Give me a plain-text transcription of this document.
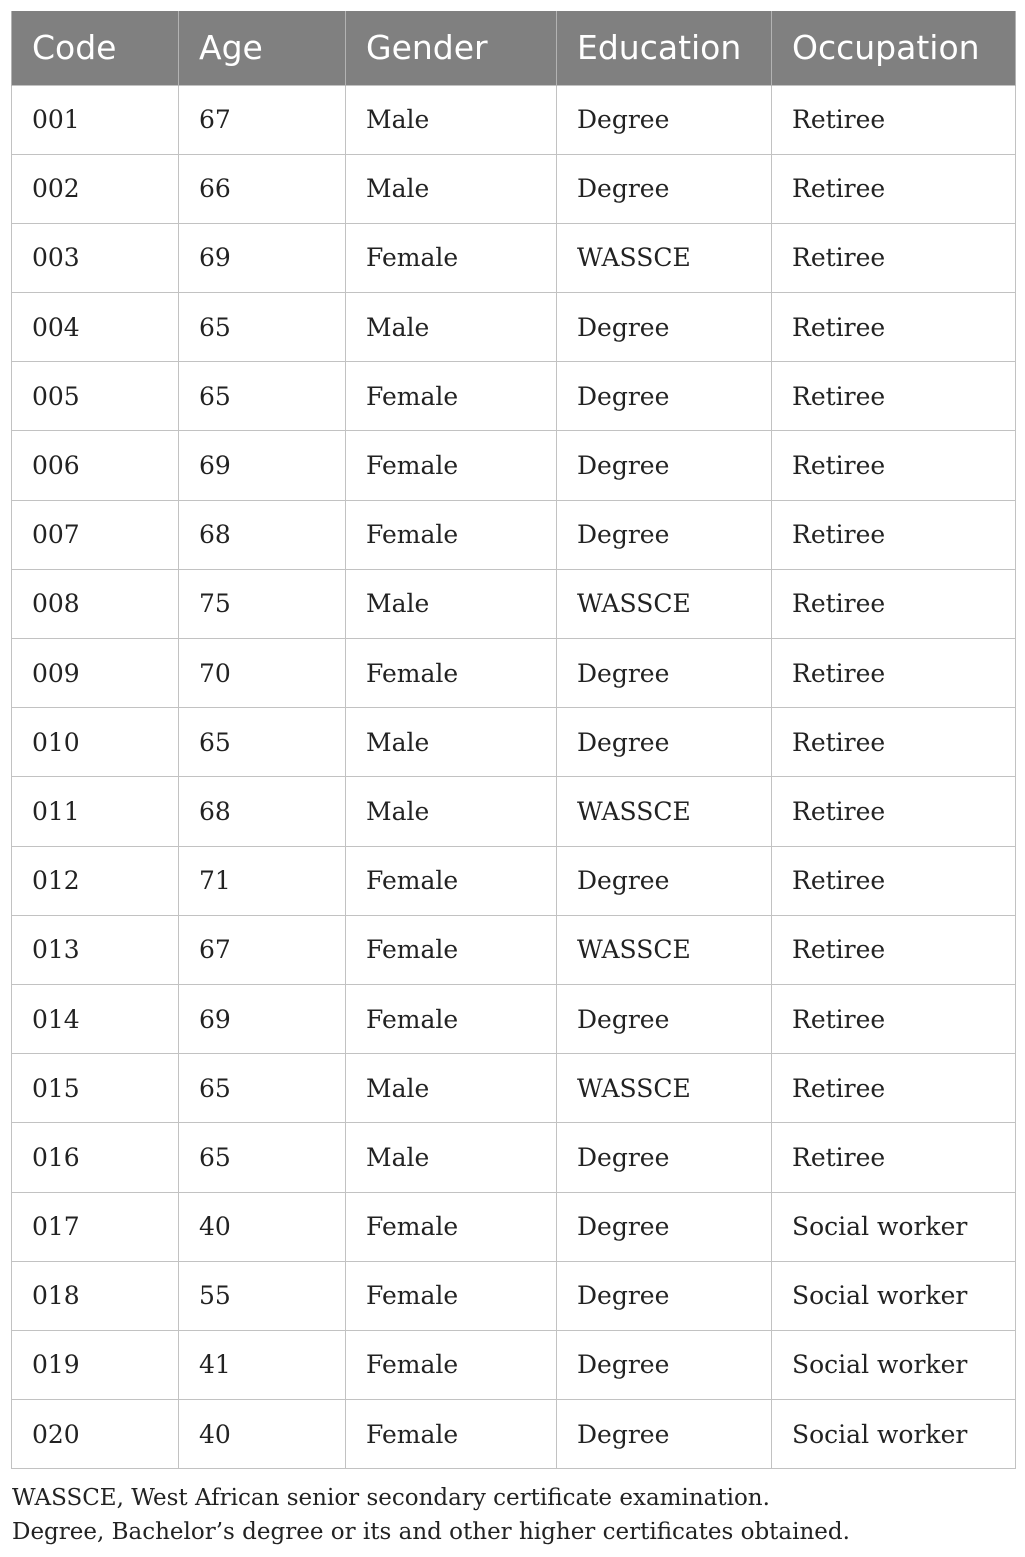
Code	Age	Gender	Education	Occupation
001	67	Male	Degree	Retiree
002	66	Male	Degree	Retiree
003	69	Female	WASSCE	Retiree
004	65	Male	Degree	Retiree
005	65	Female	Degree	Retiree
006	69	Female	Degree	Retiree
007	68	Female	Degree	Retiree
008	75	Male	WASSCE	Retiree
009	70	Female	Degree	Retiree
010	65	Male	Degree	Retiree
011	68	Male	WASSCE	Retiree
012	71	Female	Degree	Retiree
013	67	Female	WASSCE	Retiree
014	69	Female	Degree	Retiree
015	65	Male	WASSCE	Retiree
016	65	Male	Degree	Retiree
017	40	Female	Degree	Social worker
018	55	Female	Degree	Social worker
019	41	Female	Degree	Social worker
020	40	Female	Degree	Social worker

WASSCE, West African senior secondary certificate examination.

Degree, Bachelor’s degree or its and other higher certificates obtained.
